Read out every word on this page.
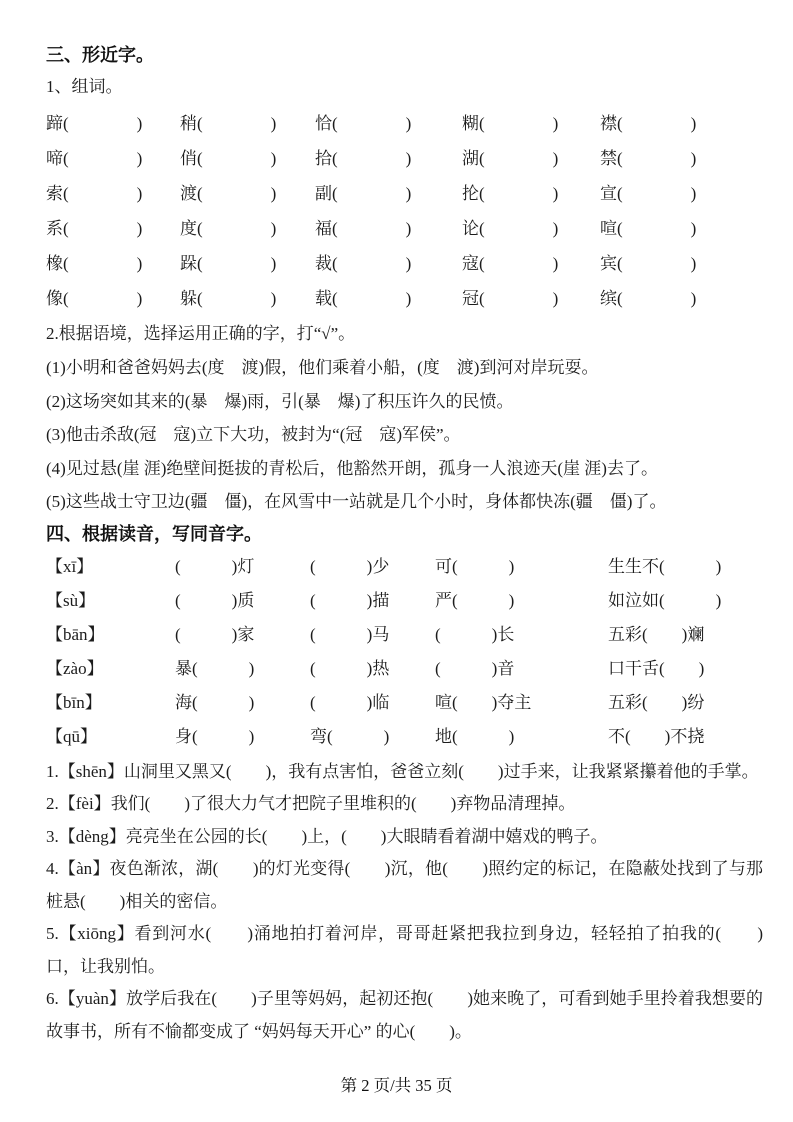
三、形近字。
1、组词。
蹄(　　　　)	稍(　　　　)	恰(　　　　)	糊(　　　　)	襟(　　　　)
啼(　　　　)	俏(　　　　)	拾(　　　　)	湖(　　　　)	禁(　　　　)
索(　　　　)	渡(　　　　)	副(　　　　)	抡(　　　　)	宣(　　　　)
系(　　　　)	度(　　　　)	福(　　　　)	论(　　　　)	喧(　　　　)
橡(　　　　)	跺(　　　　)	裁(　　　　)	寇(　　　　)	宾(　　　　)
像(　　　　)	躲(　　　　)	载(　　　　)	冠(　　　　)	缤(　　　　)
2.根据语境，选择运用正确的字，打“√”。
(1)小明和爸爸妈妈去(度　渡)假，他们乘着小船，(度　渡)到河对岸玩耍。
(2)这场突如其来的(暴　爆)雨，引(暴　爆)了积压许久的民愤。
(3)他击杀敌(冠　寇)立下大功，被封为“(冠　寇)军侯”。
(4)见过悬(崖 涯)绝壁间挺拔的青松后，他豁然开朗，孤身一人浪迹天(崖 涯)去了。
(5)这些战士守卫边(疆　僵)，在风雪中一站就是几个小时，身体都快冻(疆　僵)了。
四、根据读音，写同音字。
【xī】	(　　　)灯	(　　　)少	可(　　　)	生生不(　　　)
【sù】	(　　　)质	(　　　)描	严(　　　)	如泣如(　　　)
【bān】	(　　　)家	(　　　)马	(　　　)长	五彩(　　)斓
【zào】	暴(　　　)	(　　　)热	(　　　)音	口干舌(　　)
【bīn】	海(　　　)	(　　　)临	喧(　　)夺主	五彩(　　)纷
【qū】	身(　　　)	弯(　　　)	地(　　　)	不(　　)不挠

1.【shēn】山洞里又黑又(　　)，我有点害怕，爸爸立刻(　　)过手来，让我紧紧攥着他的手掌。

2.【fèi】我们(　　)了很大力气才把院子里堆积的(　　)弃物品清理掉。

3.【dèng】亮亮坐在公园的长(　　)上，(　　)大眼睛看着湖中嬉戏的鸭子。

4.【àn】夜色渐浓，湖(　　)的灯光变得(　　)沉，他(　　)照约定的标记，在隐蔽处找到了与那桩悬(　　)相关的密信。

5.【xiōng】看到河水(　　)涌地拍打着河岸，哥哥赶紧把我拉到身边，轻轻拍了拍我的(　　)口，让我别怕。

6.【yuàn】放学后我在(　　)子里等妈妈，起初还抱(　　)她来晚了，可看到她手里拎着我想要的故事书，所有不愉都变成了 “妈妈每天开心” 的心(　　)。

第 2 页/共 35 页
